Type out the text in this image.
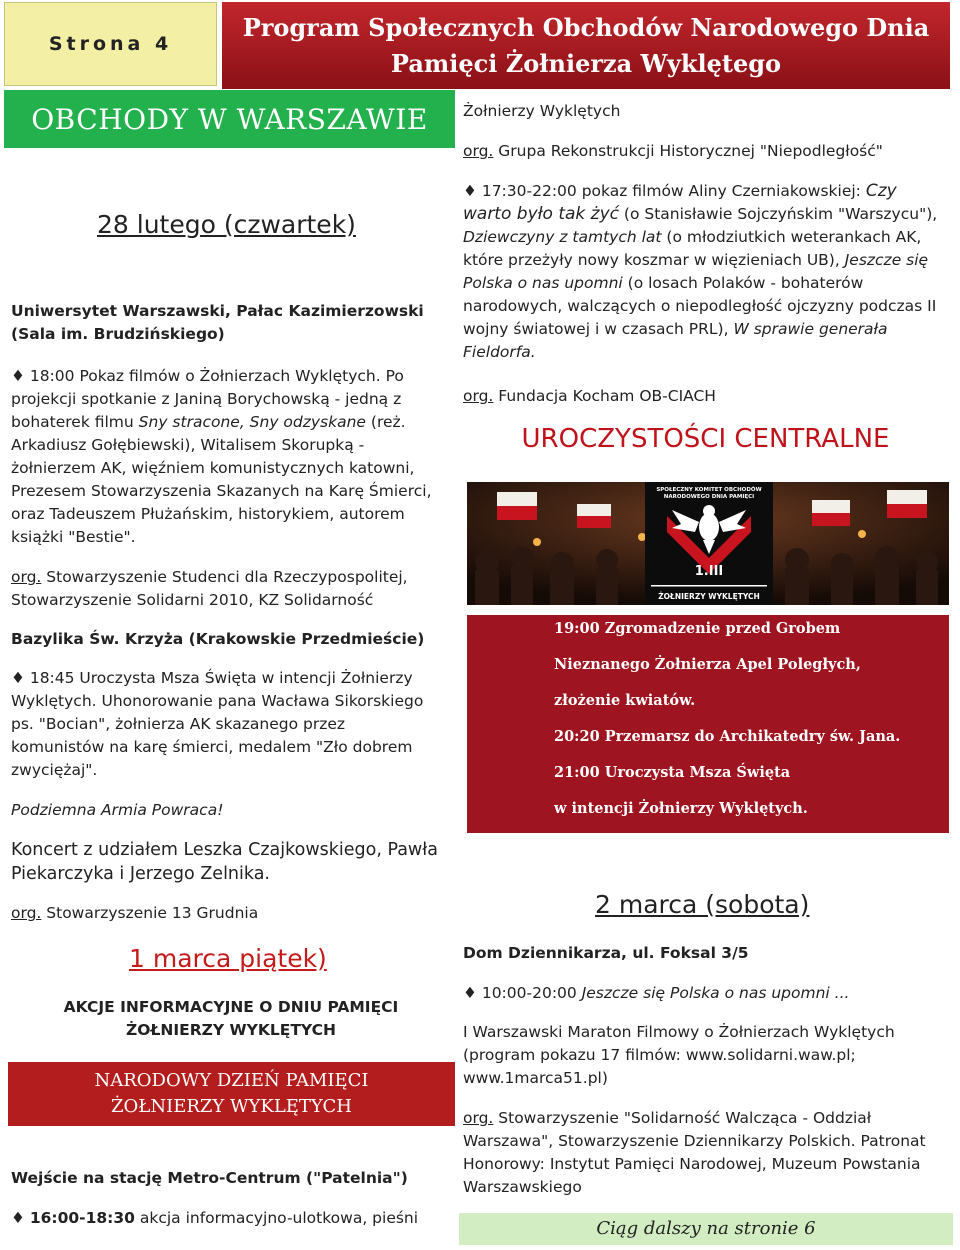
Strona 4
Program Społecznych Obchodów Narodowego Dnia
Pamięci Żołnierza Wyklętego
OBCHODY W WARSZAWIE
28 lutego (czwartek)
Uniwersytet Warszawski, Pałac Kazimierzowski (Sala im. Brudzińskiego)
♦ 18:00 Pokaz filmów o Żołnierzach Wyklętych. Po projekcji spotkanie z Janiną Borychowską - jedną z bohaterek filmu Sny stracone, Sny odzyskane (reż. Arkadiusz Gołębiewski), Witalisem Skorupką - żołnierzem AK, więźniem komunistycznych katowni, Prezesem Stowarzyszenia Skazanych na Karę Śmierci, oraz Tadeuszem Płużańskim, historykiem, autorem książki "Bestie".
org. Stowarzyszenie Studenci dla Rzeczypospolitej, Stowarzyszenie Solidarni 2010, KZ Solidarność
Bazylika Św. Krzyża (Krakowskie Przedmieście)
♦ 18:45 Uroczysta Msza Święta w intencji Żołnierzy Wyklętych. Uhonorowanie pana Wacława Sikorskiego ps. "Bocian", żołnierza AK skazanego przez komunistów na karę śmierci, medalem "Zło dobrem zwyciężaj".
Podziemna Armia Powraca!
Koncert z udziałem Leszka Czajkowskiego, Pawła Piekarczyka i Jerzego Zelnika.
org. Stowarzyszenie 13 Grudnia
1 marca piątek)
AKCJE INFORMACYJNE O DNIU PAMIĘCI ŻOŁNIERZY WYKLĘTYCH
NARODOWY DZIEŃ PAMIĘCI
ŻOŁNIERZY WYKLĘTYCH
Wejście na stację Metro-Centrum ("Patelnia")
♦ 16:00-18:30 akcja informacyjno-ulotkowa, pieśni
Żołnierzy Wyklętych
org. Grupa Rekonstrukcji Historycznej "Niepodległość"
♦ 17:30-22:00 pokaz filmów Aliny Czerniakowskiej: Czy warto było tak żyć (o Stanisławie Sojczyńskim "Warszycu"), Dziewczyny z tamtych lat (o młodziutkich weterankach AK, które przeżyły nowy koszmar w więzieniach UB), Jeszcze się Polska o nas upomni (o losach Polaków - bohaterów narodowych, walczących o niepodległość ojczyzny podczas II wojny światowej i w czasach PRL), W sprawie generała Fieldorfa.
org. Fundacja Kocham OB-CIACH
UROCZYSTOŚCI CENTRALNE
SPOŁECZNY KOMITET OBCHODÓW
NARODOWEGO DNIA PAMIĘCI
1.III
ŻOŁNIERZY WYKLĘTYCH
19:00 Zgromadzenie przed Grobem
Nieznanego Żołnierza Apel Poległych,
złożenie kwiatów.
20:20 Przemarsz do Archikatedry św. Jana.
21:00 Uroczysta Msza Święta
w intencji Żołnierzy Wyklętych.
2 marca (sobota)
Dom Dziennikarza, ul. Foksal 3/5
♦ 10:00-20:00 Jeszcze się Polska o nas upomni ...
I Warszawski Maraton Filmowy o Żołnierzach Wyklętych (program pokazu 17 filmów: www.solidarni.waw.pl; www.1marca51.pl)
org. Stowarzyszenie "Solidarność Walcząca - Oddział Warszawa", Stowarzyszenie Dziennikarzy Polskich. Patronat Honorowy: Instytut Pamięci Narodowej, Muzeum Powstania Warszawskiego
Ciąg dalszy na stronie 6
